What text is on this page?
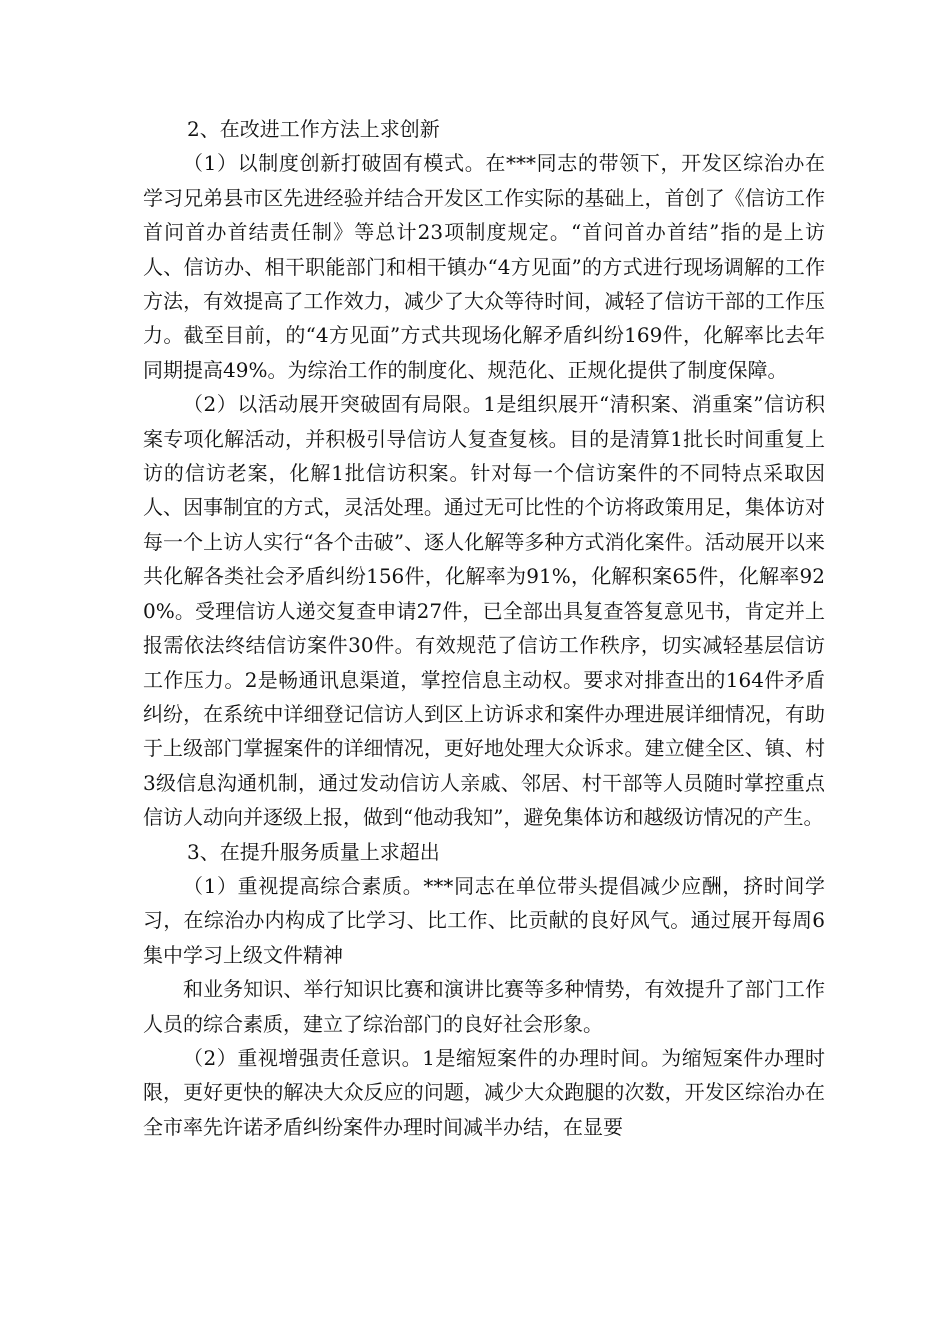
2、在改进工作方法上求创新

（1）以制度创新打破固有模式。在***同志的带领下，开发区综治办在学习兄弟县市区先进经验并结合开发区工作实际的基础上，首创了《信访工作首问首办首结责任制》等总计23项制度规定。“首问首办首结”指的是上访人、信访办、相干职能部门和相干镇办“4方见面”的方式进行现场调解的工作方法，有效提高了工作效力，减少了大众等待时间，减轻了信访干部的工作压力。截至目前，的“4方见面”方式共现场化解矛盾纠纷169件，化解率比去年同期提高49%。为综治工作的制度化、规范化、正规化提供了制度保障。

（2）以活动展开突破固有局限。1是组织展开“清积案、消重案”信访积案专项化解活动，并积极引导信访人复查复核。目的是清算1批长时间重复上访的信访老案，化解1批信访积案。针对每一个信访案件的不同特点采取因人、因事制宜的方式，灵活处理。通过无可比性的个访将政策用足，集体访对每一个上访人实行“各个击破”、逐人化解等多种方式消化案件。活动展开以来共化解各类社会矛盾纠纷156件，化解率为91%，化解积案65件，化解率920%。受理信访人递交复查申请27件，已全部出具复查答复意见书，肯定并上报需依法终结信访案件30件。有效规范了信访工作秩序，切实减轻基层信访工作压力。2是畅通讯息渠道，掌控信息主动权。要求对排查出的164件矛盾纠纷，在系统中详细登记信访人到区上访诉求和案件办理进展详细情况，有助于上级部门掌握案件的详细情况，更好地处理大众诉求。建立健全区、镇、村3级信息沟通机制，通过发动信访人亲戚、邻居、村干部等人员随时掌控重点信访人动向并逐级上报，做到“他动我知”，避免集体访和越级访情况的产生。

3、在提升服务质量上求超出

（1）重视提高综合素质。***同志在单位带头提倡减少应酬，挤时间学习，在综治办内构成了比学习、比工作、比贡献的良好风气。通过展开每周6集中学习上级文件精神

和业务知识、举行知识比赛和演讲比赛等多种情势，有效提升了部门工作人员的综合素质，建立了综治部门的良好社会形象。

（2）重视增强责任意识。1是缩短案件的办理时间。为缩短案件办理时限，更好更快的解决大众反应的问题，减少大众跑腿的次数，开发区综治办在全市率先许诺矛盾纠纷案件办理时间减半办结，在显要
